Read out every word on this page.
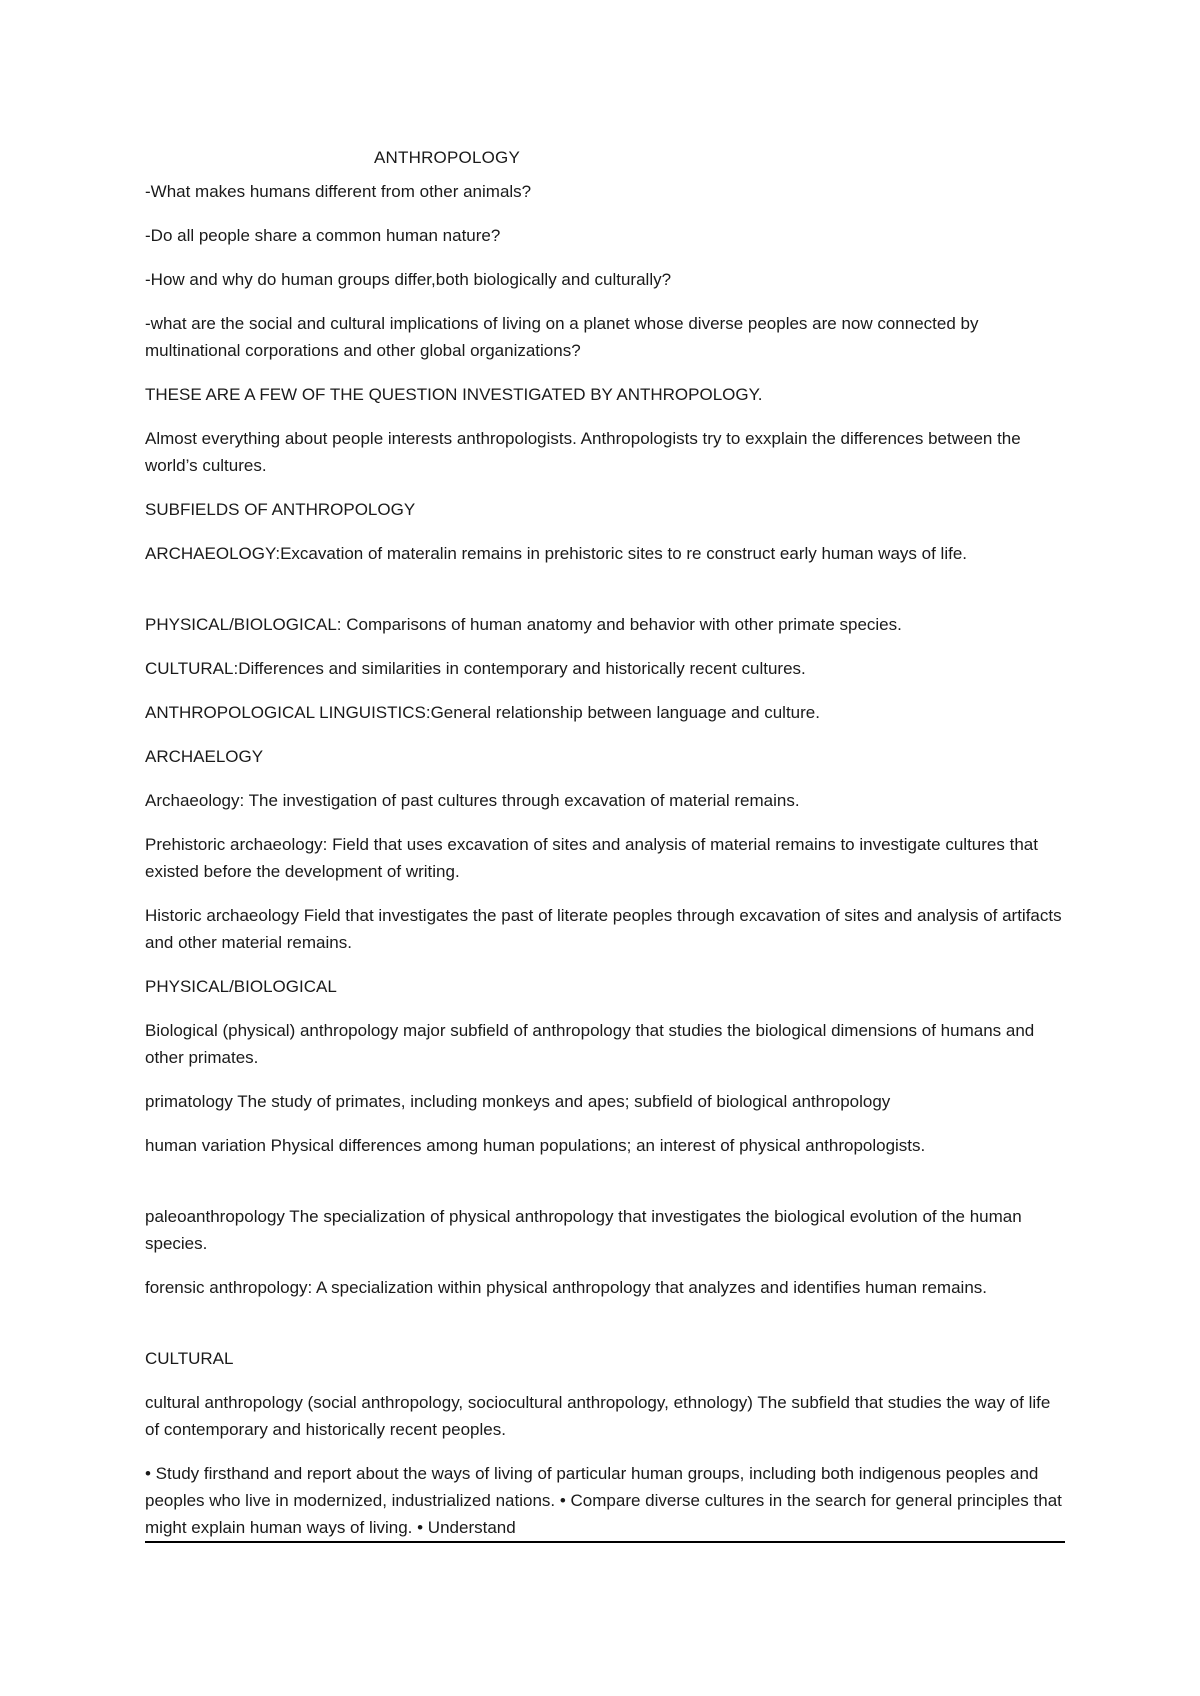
ANTHROPOLOGY

-What makes humans different from other animals?

-Do all people share a common human nature?

-How and why do human groups differ,both biologically and culturally?

-what are the social and cultural implications of living on a planet whose diverse peoples are now connected by multinational corporations and other global organizations?

THESE ARE A FEW OF THE QUESTION INVESTIGATED BY ANTHROPOLOGY.

Almost everything about people interests anthropologists. Anthropologists try to exxplain the differences between the world’s cultures.

SUBFIELDS OF ANTHROPOLOGY

ARCHAEOLOGY:Excavation of materalin remains in prehistoric sites to re construct early human ways of life.

PHYSICAL/BIOLOGICAL: Comparisons of human anatomy and behavior with other primate species.

CULTURAL:Differences and similarities in contemporary and historically recent cultures.

ANTHROPOLOGICAL LINGUISTICS:General relationship between language and culture.

ARCHAELOGY

Archaeology: The investigation of past cultures through excavation of material remains.

Prehistoric archaeology: Field that uses excavation of sites and analysis of material remains to investigate cultures that existed before the development of writing.

Historic archaeology Field that investigates the past of literate peoples through excavation of sites and analysis of artifacts and other material remains.

PHYSICAL/BIOLOGICAL

Biological (physical) anthropology major subfield of anthropology that studies the biological dimensions of humans and other primates.

primatology The study of primates, including monkeys and apes; subfield of biological anthropology

human variation Physical differences among human populations; an interest of physical anthropologists.

paleoanthropology The specialization of physical anthropology that investigates the biological evolution of the human species.

forensic anthropology: A specialization within physical anthropology that analyzes and identifies human remains.

CULTURAL

cultural anthropology (social anthropology, sociocultural anthropology, ethnology) The subfield that studies the way of life of contemporary and historically recent peoples.

• Study firsthand and report about the ways of living of particular human groups, including both indigenous peoples and peoples who live in modernized, industrialized nations. • Compare diverse cultures in the search for general principles that might explain human ways of living. • Understand
